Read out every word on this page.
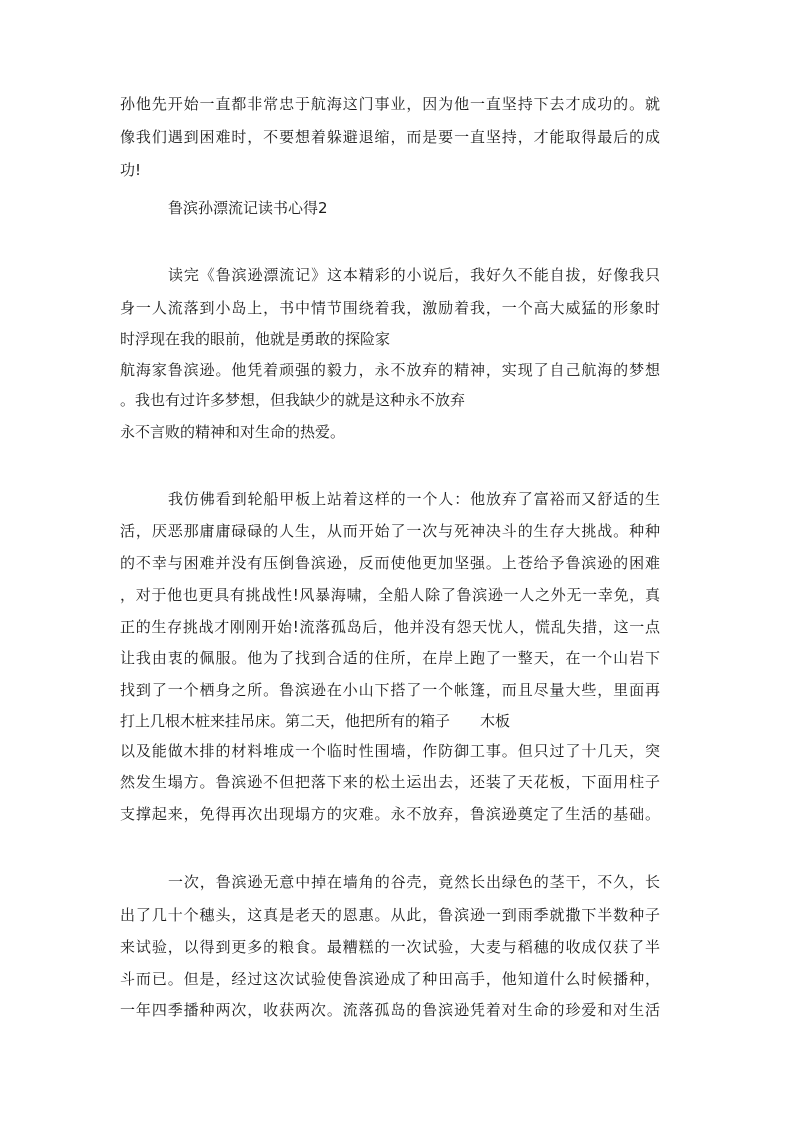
孙他先开始一直都非常忠于航海这门事业，因为他一直坚持下去才成功的。就
像我们遇到困难时，不要想着躲避退缩，而是要一直坚持，才能取得最后的成
功!
鲁滨孙漂流记读书心得2
读完《鲁滨逊漂流记》这本精彩的小说后，我好久不能自拔，好像我只
身一人流落到小岛上，书中情节围绕着我，激励着我，一个高大威猛的形象时
时浮现在我的眼前，他就是勇敢的探险家
航海家鲁滨逊。他凭着顽强的毅力，永不放弃的精神，实现了自己航海的梦想
。我也有过许多梦想，但我缺少的就是这种永不放弃
永不言败的精神和对生命的热爱。
我仿佛看到轮船甲板上站着这样的一个人：他放弃了富裕而又舒适的生
活，厌恶那庸庸碌碌的人生，从而开始了一次与死神决斗的生存大挑战。种种
的不幸与困难并没有压倒鲁滨逊，反而使他更加坚强。上苍给予鲁滨逊的困难
，对于他也更具有挑战性!风暴海啸，全船人除了鲁滨逊一人之外无一幸免，真
正的生存挑战才刚刚开始!流落孤岛后，他并没有怨天忧人，慌乱失措，这一点
让我由衷的佩服。他为了找到合适的住所，在岸上跑了一整天，在一个山岩下
找到了一个栖身之所。鲁滨逊在小山下搭了一个帐篷，而且尽量大些，里面再
打上几根木桩来挂吊床。第二天，他把所有的箱子　　木板
以及能做木排的材料堆成一个临时性围墙，作防御工事。但只过了十几天，突
然发生塌方。鲁滨逊不但把落下来的松土运出去，还装了天花板，下面用柱子
支撑起来，免得再次出现塌方的灾难。永不放弃，鲁滨逊奠定了生活的基础。
一次，鲁滨逊无意中掉在墙角的谷壳，竟然长出绿色的茎干，不久，长
出了几十个穗头，这真是老天的恩惠。从此，鲁滨逊一到雨季就撒下半数种子
来试验，以得到更多的粮食。最糟糕的一次试验，大麦与稻穗的收成仅获了半
斗而已。但是，经过这次试验使鲁滨逊成了种田高手，他知道什么时候播种，
一年四季播种两次，收获两次。流落孤岛的鲁滨逊凭着对生命的珍爱和对生活
